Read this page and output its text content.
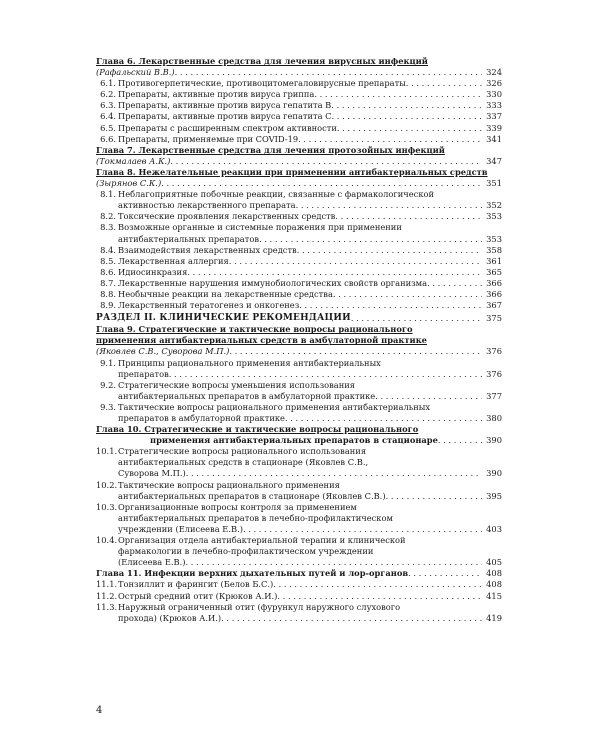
Глава 6. Лекарственные средства для лечения вирусных инфекций
(Рафальский В.В.) . . .	324
6.1. Противогерпетические, противоцитомегаловирусные препараты . . .	326
6.2. Препараты, активные против вируса гриппа . . .	330
6.3. Препараты, активные против вируса гепатита В . . .	333
6.4. Препараты, активные против вируса гепатита С . . .	337
6.5. Препараты с расширенным спектром активности . . .	339
6.6. Препараты, применяемые при COVID-19 . . .	341
Глава 7. Лекарственные средства для лечения протозойных инфекций
(Токмалаев А.К.) . . .	347
Глава 8. Нежелательные реакции при применении антибактериальных средств
(Зырянов С.К.) . . .	351
8.1. Неблагоприятные побочные реакции, связанные с фармакологической
активностью лекарственного препарата . . .	352
8.2. Токсические проявления лекарственных средств . . .	353
8.3. Возможные органные и системные поражения при применении
антибактериальных препаратов . . .	353
8.4. Взаимодействия лекарственных средств . . .	358
8.5. Лекарственная аллергия . . .	361
8.6. Идиосинкразия . . .	365
8.7. Лекарственные нарушения иммунобиологических свойств организма . . .	366
8.8. Необычные реакции на лекарственные средства . . .	366
8.9. Лекарственный тератогенез и онкогенез . . .	367
РАЗДЕЛ II. КЛИНИЧЕСКИЕ РЕКОМЕНДАЦИИ . . .	375
Глава 9. Стратегические и тактические вопросы рационального
применения антибактериальных средств в амбулаторной практике
(Яковлев С.В., Суворова М.П.) . . .	376
9.1. Принципы рационального применения антибактериальных
препаратов . . .	376
9.2. Стратегические вопросы уменьшения использования
антибактериальных препаратов в амбулаторной практике . . .	377
9.3. Тактические вопросы рационального применения антибактериальных
препаратов в амбулаторной практике . . .	380
Глава 10. Стратегические и тактические вопросы рационального
применения антибактериальных препаратов в стационаре . . .	390
10.1.Стратегические вопросы рационального использования
антибактериальных средств в стационаре (Яковлев С.В.,
Суворова М.П.) . . .	390
10.2.Тактические вопросы рационального применения
антибактериальных препаратов в стационаре (Яковлев С.В.) . . .	395
10.3.Организационные вопросы контроля за применением
антибактериальных препаратов в лечебно-профилактическом
учреждении (Елисеева Е.В.) . . .	403
10.4.Организация отдела антибактериальной терапии и клинической
фармакологии в лечебно-профилактическом учреждении
(Елисеева Е.В.) . . .	405
Глава 11. Инфекции верхних дыхательных путей и лор-органов . . .	408
11.1. Тонзиллит и фарингит (Белов Б.С.) . . .	408
11.2. Острый средний отит (Крюков А.И.) . . .	415
11.3.Наружный ограниченный отит (фурункул наружного слухового
прохода) (Крюков А.И.) . . .	419
4
